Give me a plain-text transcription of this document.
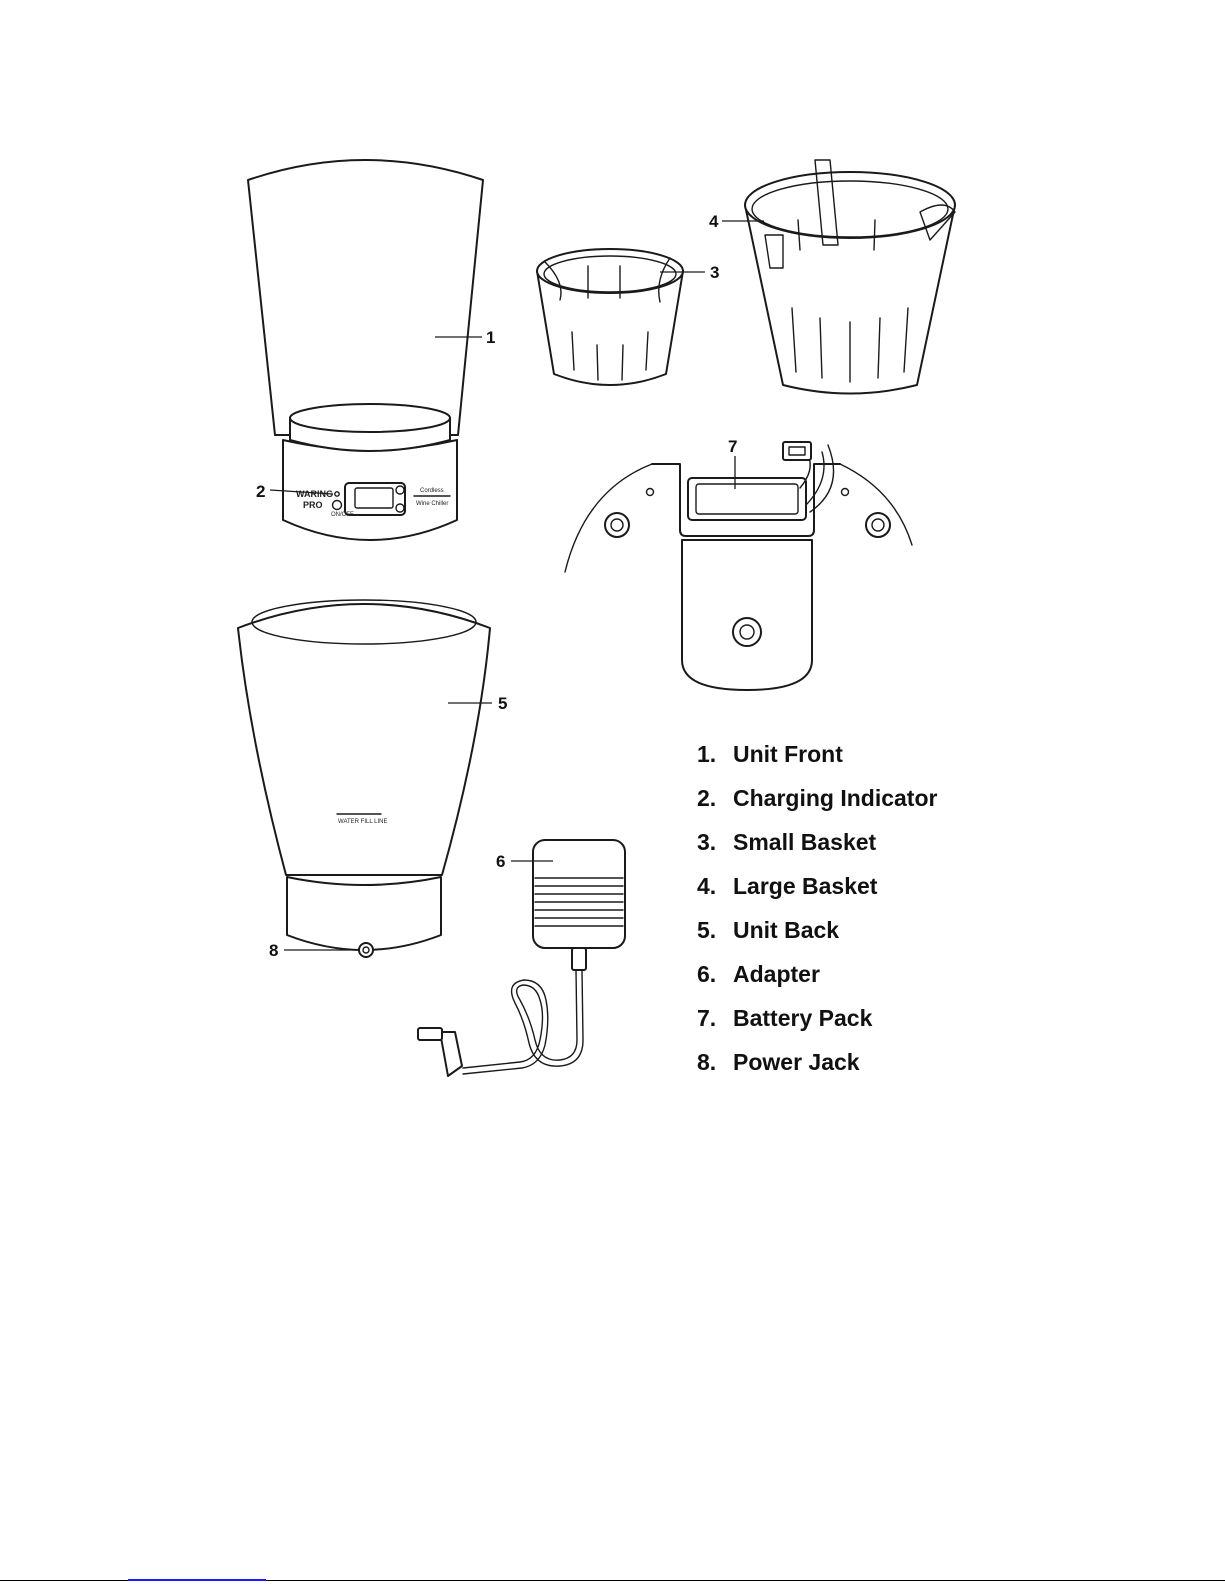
WARING
PRO
ON/OFF
Cordless
Wine Chiller
WATER FILL LINE
1
2
3
4
7
5
6
8
1. Unit Front
2. Charging Indicator
3. Small Basket
4. Large Basket
5. Unit Back
6. Adapter
7. Battery Pack
8. Power Jack
